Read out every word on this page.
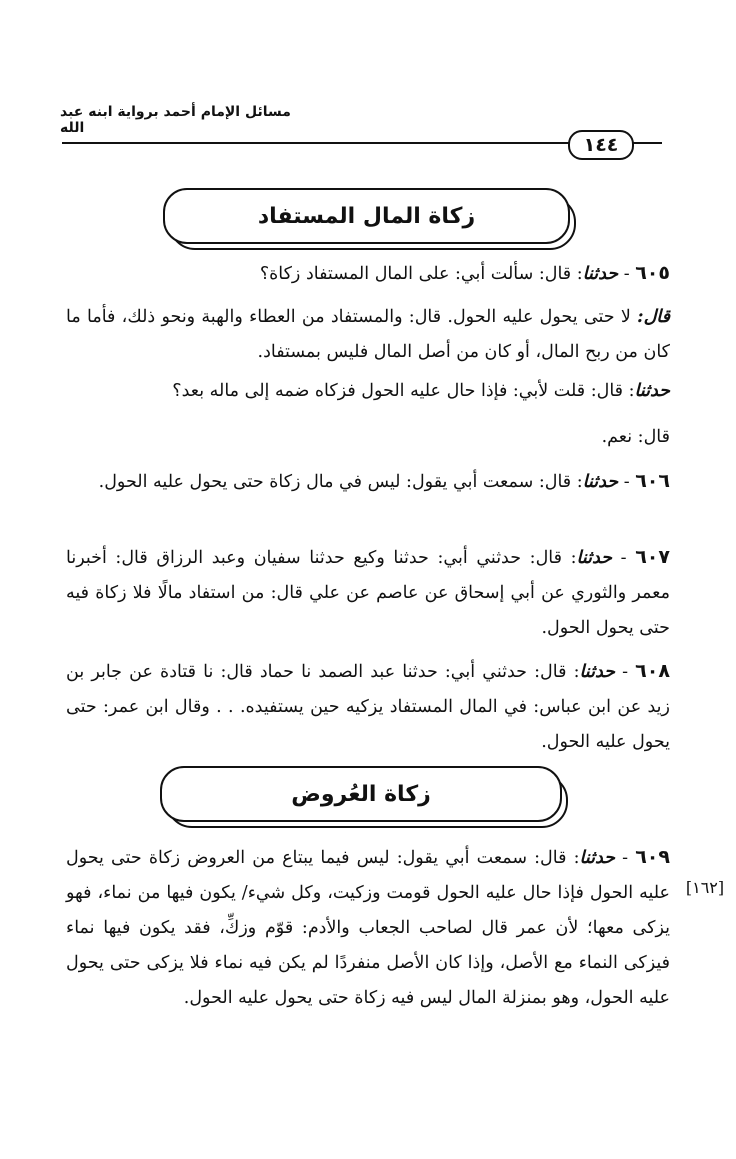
مسائل الإمام أحمد برواية ابنه عبد الله
١٤٤
زكاة المال المستفاد
٦٠٥ - حدثنا: قال: سألت أبي: على المال المستفاد زكاة؟
قال: لا حتى يحول عليه الحول. قال: والمستفاد من العطاء والهبة ونحو ذلك، فأما ما كان من ربح المال، أو كان من أصل المال فليس بمستفاد.
حدثنا: قال: قلت لأبي: فإذا حال عليه الحول فزكاه ضمه إلى ماله بعد؟
قال: نعم.
٦٠٦ - حدثنا: قال: سمعت أبي يقول: ليس في مال زكاة حتى يحول عليه الحول.
٦٠٧ - حدثنا: قال: حدثني أبي: حدثنا وكيع حدثنا سفيان وعبد الرزاق قال: أخبرنا معمر والثوري عن أبي إسحاق عن عاصم عن علي قال: من استفاد مالًا فلا زكاة فيه حتى يحول الحول.
٦٠٨ - حدثنا: قال: حدثني أبي: حدثنا عبد الصمد نا حماد قال: نا قتادة عن جابر بن زيد عن ابن عباس: في المال المستفاد يزكيه حين يستفيده. . . وقال ابن عمر: حتى يحول عليه الحول.
زكاة العُروض
٦٠٩ - حدثنا: قال: سمعت أبي يقول: ليس فيما يبتاع من العروض زكاة حتى يحول عليه الحول فإذا حال عليه الحول قومت وزكيت، وكل شيء/ يكون فيها من نماء، فهو يزكى معها؛ لأن عمر قال لصاحب الجعاب والأدم: قوّم وزكِّ، فقد يكون فيها نماء فيزكى النماء مع الأصل، وإذا كان الأصل منفردًا لم يكن فيه نماء فلا يزكى حتى يحول عليه الحول، وهو بمنزلة المال ليس فيه زكاة حتى يحول عليه الحول.
[١٦٢]
